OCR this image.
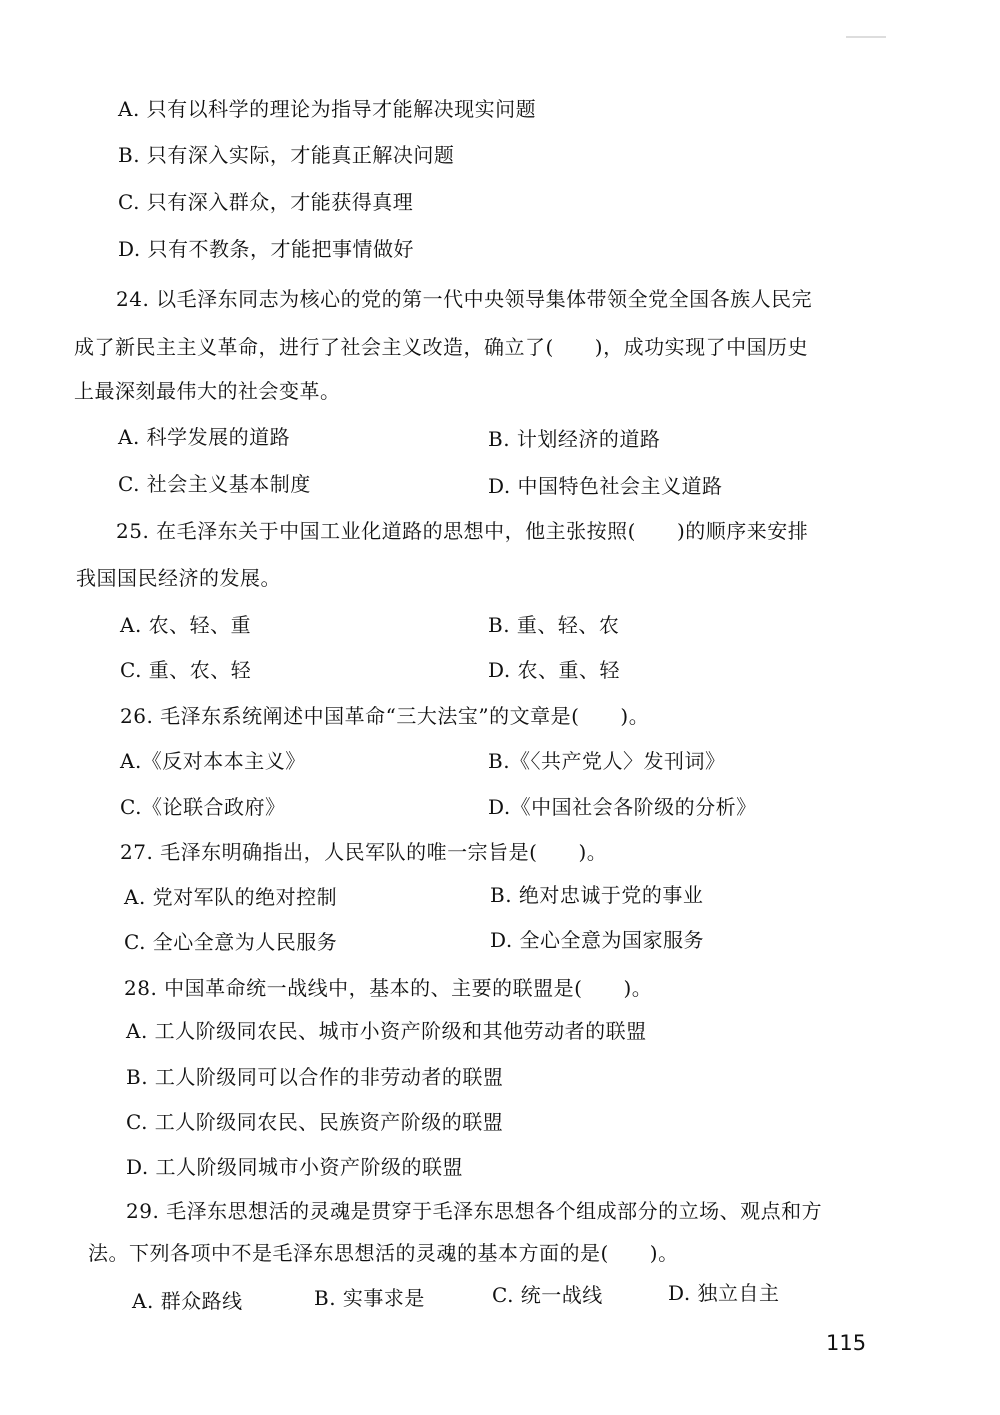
A. 只有以科学的理论为指导才能解决现实问题
B. 只有深入实际，才能真正解决问题
C. 只有深入群众，才能获得真理
D. 只有不教条，才能把事情做好
24. 以毛泽东同志为核心的党的第一代中央领导集体带领全党全国各族人民完
成了新民主主义革命，进行了社会主义改造，确立了(　　)，成功实现了中国历史
上最深刻最伟大的社会变革。
A. 科学发展的道路	B. 计划经济的道路
C. 社会主义基本制度	D. 中国特色社会主义道路
25. 在毛泽东关于中国工业化道路的思想中，他主张按照(　　)的顺序来安排
我国国民经济的发展。
A. 农、轻、重	B. 重、轻、农
C. 重、农、轻	D. 农、重、轻
26. 毛泽东系统阐述中国革命“三大法宝”的文章是(　　)。
A.《反对本本主义》	B.《〈共产党人〉发刊词》
C.《论联合政府》	D.《中国社会各阶级的分析》
27. 毛泽东明确指出，人民军队的唯一宗旨是(　　)。
A. 党对军队的绝对控制	B. 绝对忠诚于党的事业
C. 全心全意为人民服务	D. 全心全意为国家服务
28. 中国革命统一战线中，基本的、主要的联盟是(　　)。
A. 工人阶级同农民、城市小资产阶级和其他劳动者的联盟
B. 工人阶级同可以合作的非劳动者的联盟
C. 工人阶级同农民、民族资产阶级的联盟
D. 工人阶级同城市小资产阶级的联盟
29. 毛泽东思想活的灵魂是贯穿于毛泽东思想各个组成部分的立场、观点和方
法。下列各项中不是毛泽东思想活的灵魂的基本方面的是(　　)。
A. 群众路线	B. 实事求是	C. 统一战线	D. 独立自主
115
